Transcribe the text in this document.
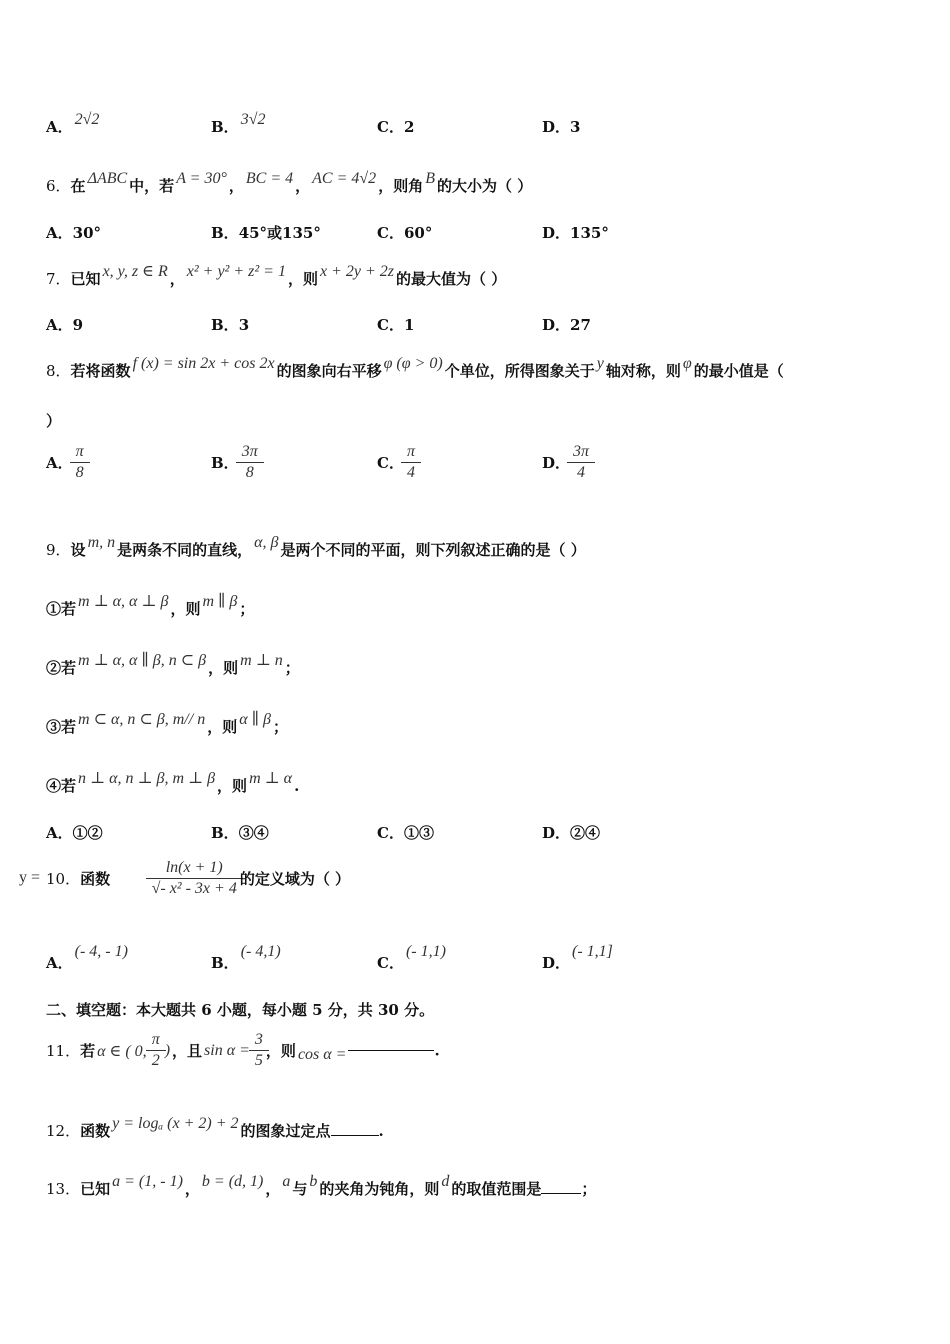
A． 2√2	B． 3√2	C．2	D．3
6．在 ΔABC 中，若 A = 30° ， BC = 4 ， AC = 4√2 ，则角 B 的大小为（ ）
A．30°	B．45°或135°	C．60°	D．135°
7．已知 x, y, z ∈ R ， x² + y² + z² = 1 ，则 x + 2y + 2z 的最大值为（ ）
A．9	B．3	C．1	D．27
8．若将函数 f (x) = sin 2x + cos 2x 的图象向右平移 φ (φ > 0) 个单位，所得图象关于 y 轴对称，则 φ 的最小值是（
）
A． $\frac{\pi}{8}$	B． $\frac{3\pi}{8}$	C． $\frac{\pi}{4}$	D． $\frac{3\pi}{4}$
9．设 m, n 是两条不同的直线， α, β 是两个不同的平面，则下列叙述正确的是（ ）
①若 m ⊥ α, α ⊥ β ，则 m ∥ β ；
②若 m ⊥ α, α ∥ β, n ⊂ β ，则 m ⊥ n ；
③若 m ⊂ α, n ⊂ β, m// n ，则 α ∥ β ；
④若 n ⊥ α, n ⊥ β, m ⊥ β ，则 m ⊥ α .
A．①②	B．③④	C．①③	D．②④
10．函数
y =
	$\frac{\ln(x + 1)}{\text{√- x² - 3x + 4}}$ 的定义域为（ ）
A．(- 4, - 1)
B．(- 4,1)
C．(- 1,1)
D．(- 1,1]
二、填空题：本大题共 6 小题，每小题 5 分，共 30 分。
11．若 α ∈ ( 0, $\frac{\pi}{2}$ ) ，且 $\sin \alpha = \frac{3}{5}$ ，则 cos α =	.
12．函数 y = logₐ (x + 2) + 2 的图象过定点	.
13．已知 a = (1, - 1) ， b = (d, 1) ， a 与 b 的夹角为钝角，则 d 的取值范围是	；
